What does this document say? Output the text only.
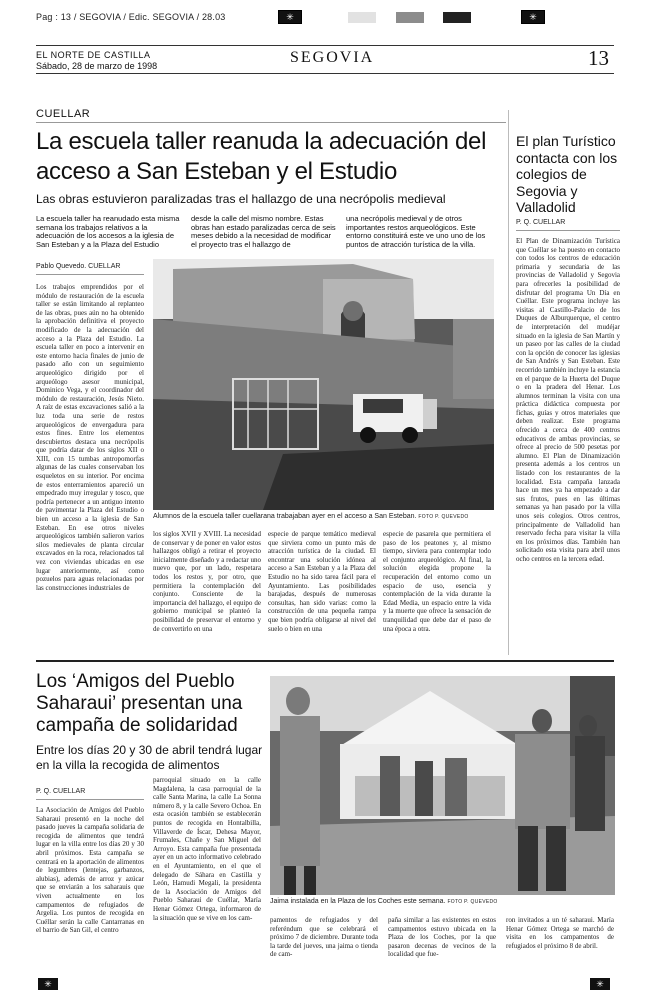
Pag : 13 / SEGOVIA / Edic. SEGOVIA / 28.03	✳	✳
EL NORTE DE CASTILLA
Sábado, 28 de marzo de 1998	SEGOVIA	13
CUELLAR
La escuela taller reanuda la adecuación del acceso a San Esteban y el Estudio
Las obras estuvieron paralizadas tras el hallazgo de una necrópolis medieval
La escuela taller ha reanudado esta misma semana los trabajos relativos a la adecuación de los accesos a la iglesia de San Esteban y a la Plaza del Estudio
desde la calle del mismo nombre. Estas obras han estado paralizadas cerca de seis meses debido a la necesidad de modificar el proyecto tras el hallazgo de
una necrópolis medieval y de otros importantes restos arqueológicos. Este entorno constituirá este ve uno uno de los puntos de atracción turística de la villa.
Pablo Quevedo. CUELLAR
Los trabajos emprendidos por el módulo de restauración de la escuela taller se están limitando al replanteo de las obras, pues aún no ha obtenido la aprobación definitiva el proyecto modificado de la adecuación del acceso a la Plaza del Estudio. La escuela taller en poco a intervenir en este entorno hacia finales de junio de pasado año con un seguimiento arqueológico dirigido por el arqueólogo asesor municipal, Dominico Vega, y el coordinador del módulo de restauración, Jesús Nieto. A raíz de estas excavaciones salió a la luz toda una serie de restos arqueológicos de envergadura para estos fines. Entre los elementos descubiertos destaca una necrópolis que podría datar de los siglos XII o XIII, con 15 tumbas antropomorfas algunas de las cuales conservaban los esqueletos en su interior. Por encima de estos enterramientos apareció un empedrado muy irregular y tosco, que podría pertenecer a un antiguo intento de pavimentar la Plaza del Estudio o bien un acceso a la iglesia de San Esteban. En ese otros niveles arqueológicos también salieron varios silos medievales de planta circular excavados en la roca, relacionados tal vez con viviendas ubicadas en ese lugar anteriormente, así como pozuelos para aguas relacionadas por las construcciones industriales de
Alumnos de la escuela taller cuellarana trabajaban ayer en el acceso a San Esteban. FOTO P. QUEVEDO
los siglos XVII y XVIII. La necesidad de conservar y de poner en valor estos hallazgos obligó a retirar el proyecto inicialmente diseñado y a redactar uno nuevo que, por un lado, respetara todos los restos y, por otro, que permitiera la contemplación del conjunto. Consciente de la importancia del hallazgo, el equipo de gobierno municipal se planteó la posibilidad de preservar el entorno y de convertirlo en una
especie de parque temático medieval que sirviera como un punto más de atracción turística de la ciudad. El encontrar una solución idónea al acceso a San Esteban y a la Plaza del Estudio no ha sido tarea fácil para el Ayuntamiento. Las posibilidades barajadas, después de numerosas consultas, han sido varias: como la construcción de una pequeña rampa que bien podría obligarse al nivel del suelo o bien en una
especie de pasarela que permitiera el paso de los peatones y, al mismo tiempo, sirviera para contemplar todo el conjunto arqueológico. Al final, la solución elegida propone la recuperación del entorno como un espacio de uso, esencia y contemplación de la vida durante la Edad Media, un espacio entre la vida y la muerte que ofrece la sensación de tranquilidad que debe dar el paso de una época a otra.
El plan Turístico contacta con los colegios de Segovia y Valladolid
P. Q. CUELLAR
El Plan de Dinamización Turística que Cuéllar se ha puesto en contacto con todos los centros de educación primaria y secundaria de las provincias de Valladolid y Segovia para ofrecerles la posibilidad de disfrutar del programa Un Día en Cuéllar. Este programa incluye las visitas al Castillo-Palacio de los Duques de Alburquerque, el centro de interpretación del mudéjar situado en la iglesia de San Martín y un paseo por las calles de la ciudad con la opción de conocer las iglesias de San Andrés y San Esteban. Este recorrido también incluye la estancia en el parque de la Huerta del Duque o en la pradera del Henar. Los alumnos terminan la visita con una práctica didáctica compuesta por fichas, guías y otros materiales que deben realizar. Este programa ofrecido a cerca de 400 centros educativos de ambas provincias, se ofrece al precio de 500 pesetas por alumno. El Plan de Dinamización presenta además a los centros un listado con los restaurantes de la localidad. Esta campaña lanzada hace un mes ya ha empezado a dar sus frutos, pues en las últimas semanas ya han pasado por la villa unos seis colegios. Otros centros, principalmente de Valladolid han reservado fecha para visitar la villa en los próximos días. También han solicitado esta visita para abril unos ocho centros en la tercera edad.
Los ‘Amigos del Pueblo Saharaui’ presentan una campaña de solidaridad
Entre los días 20 y 30 de abril tendrá lugar en la villa la recogida de alimentos
P. Q. CUELLAR
La Asociación de Amigos del Pueblo Saharaui presentó en la noche del pasado jueves la campaña solidaria de recogida de alimentos que tendrá lugar en la villa entre los días 20 y 30 abril próximos. Esta campaña se centrará en la aportación de alimentos de legumbres (lentejas, garbanzos, alubias), además de arroz y azúcar que se enviarán a los saharauis que viven actualmente en los campamentos de refugiados de Argelia. Los puntos de recogida en Cuéllar serán la calle Cantarranas en el barrio de San Gil, el centro
parroquial situado en la calle Magdalena, la casa parroquial de la calle Santa Marina, la calle La Sonna número 8, y la calle Severo Ochoa. En esta ocasión también se establecerán puntos de recogida en Hontalbilla, Villaverde de Íscar, Dehesa Mayor, Frumales, Chañe y San Miguel del Arroyo. Esta campaña fue presentada ayer en un acto informativo celebrado en el Ayuntamiento, en el que el delegado de Sáhara en Castilla y León, Hamudi Megali, la presidenta de la Asociación de Amigos del Pueblo Saharaui de Cuéllar, María Henar Gómez Ortega, informaron de la situación que se vive en los cam-
Jaima instalada en la Plaza de los Coches este semana. FOTO P. QUEVEDO
pamentos de refugiados y del referéndum que se celebrará el próximo 7 de diciembre. Durante toda la tarde del jueves, una jaima o tienda de cam-
paña similar a las existentes en estos campamentos estuvo ubicada en la Plaza de los Coches, por la que pasaron decenas de vecinos de la localidad que fue-
ron invitados a un té saharaui. María Henar Gómez Ortega se marchó de visita en los campamentos de refugiados el próximo 8 de abril.
✳	✳
